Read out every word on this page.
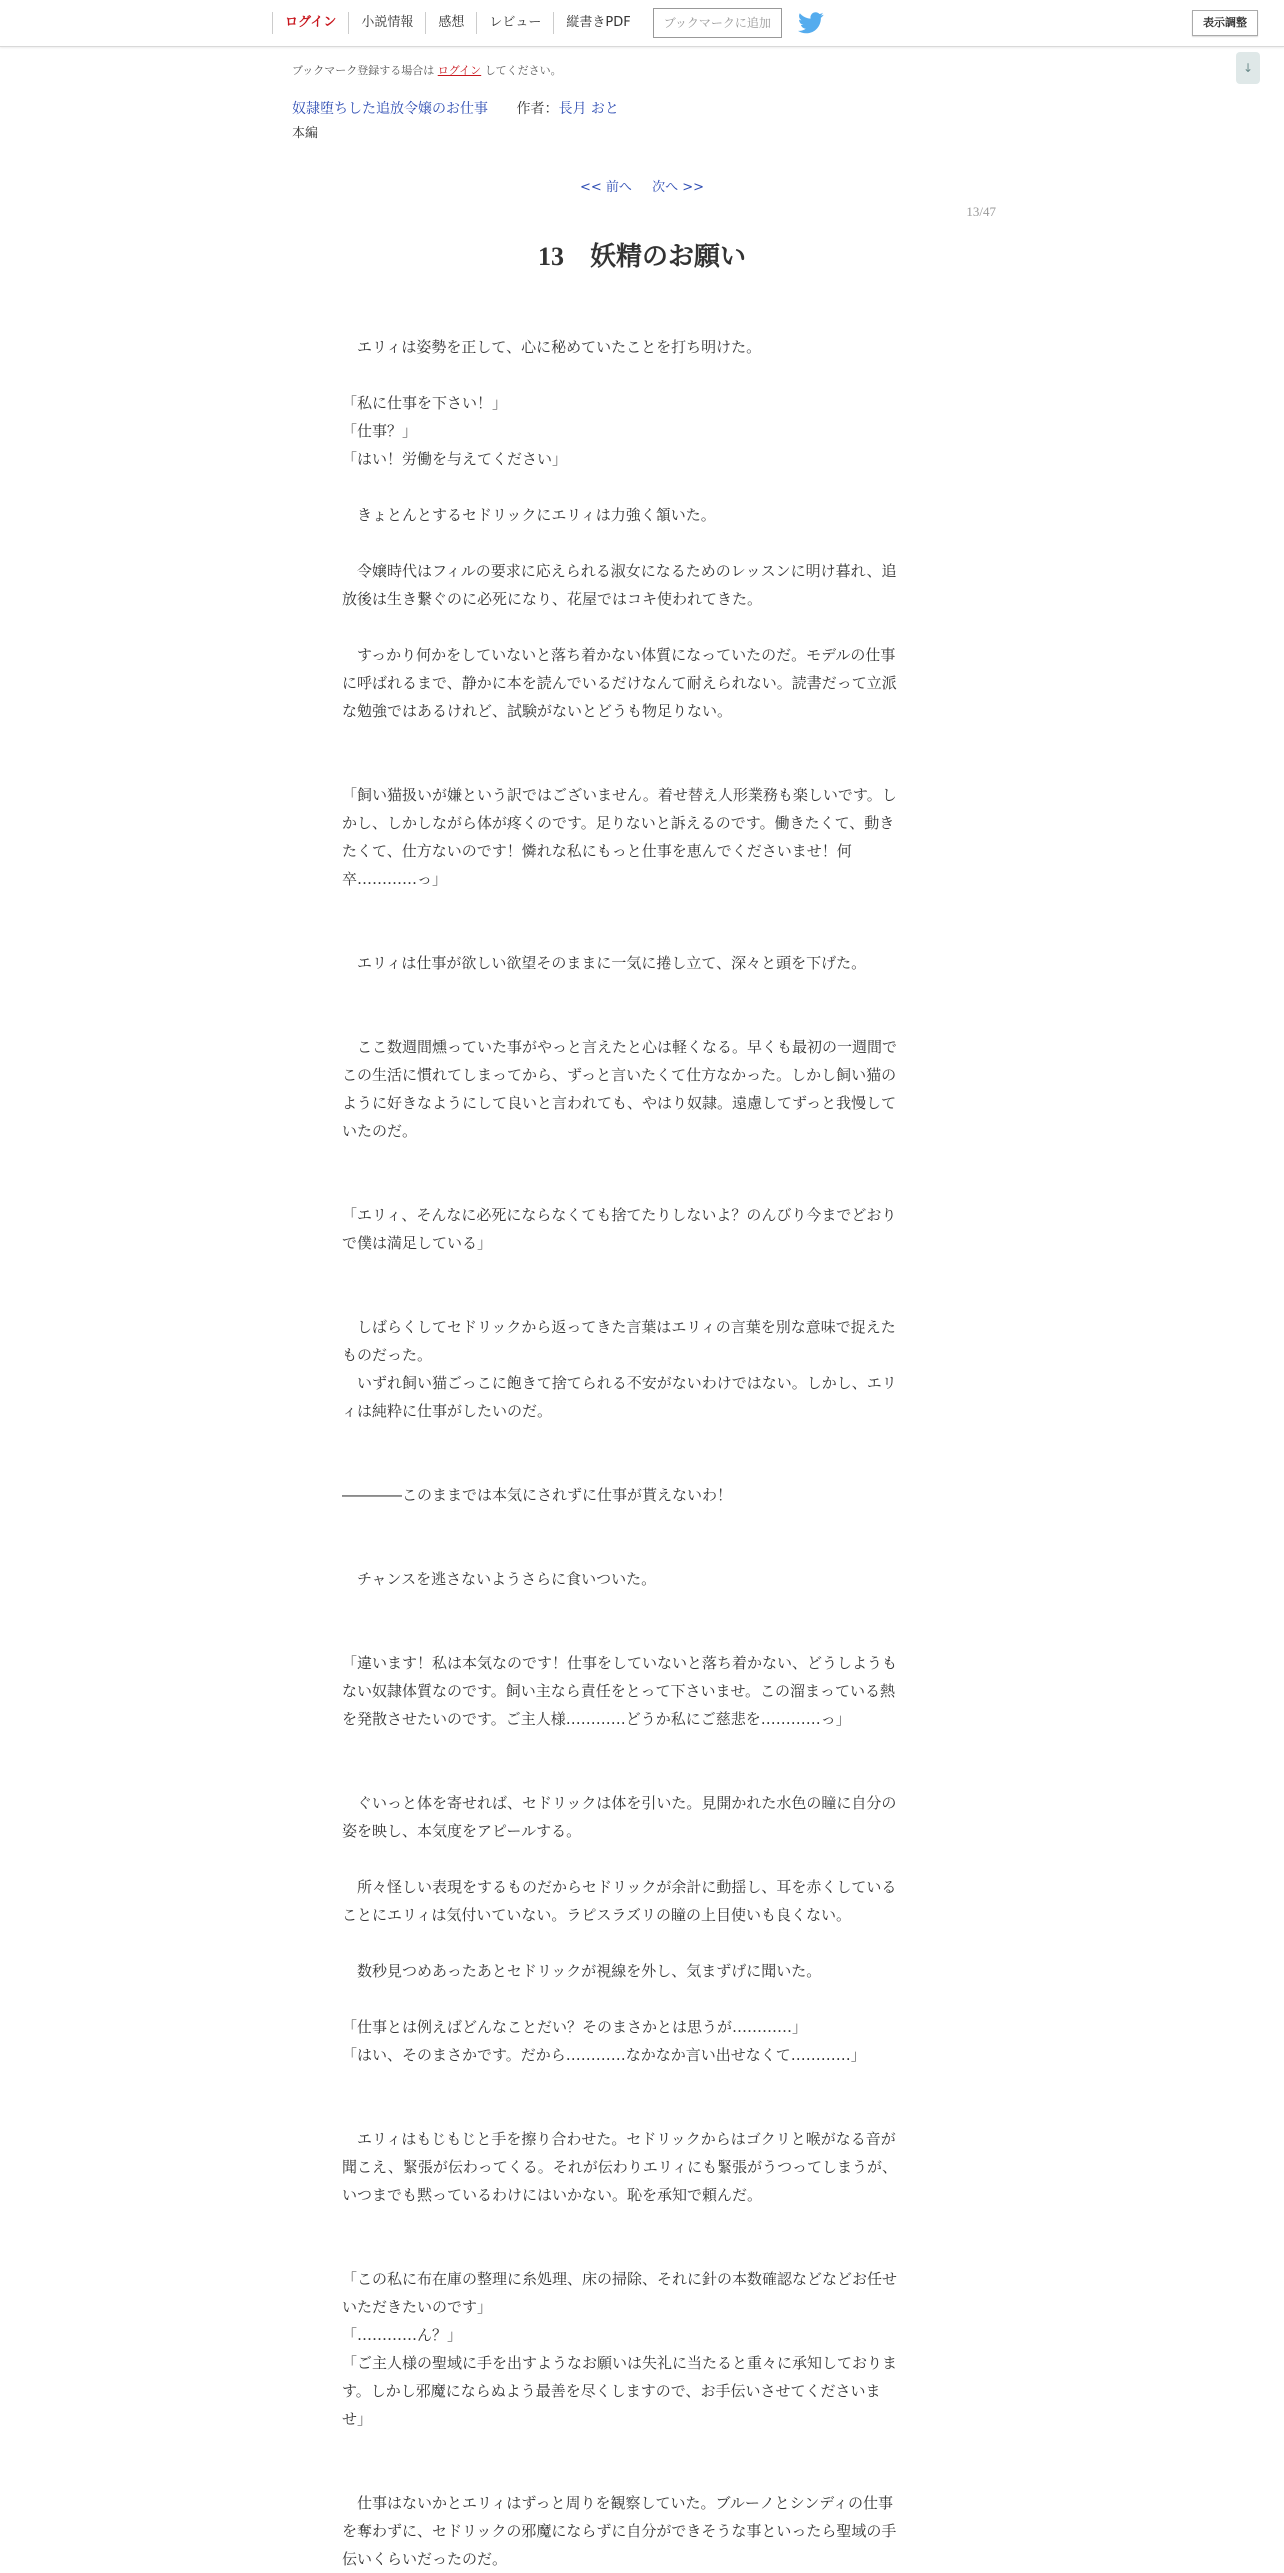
ログイン	小説情報	感想	レビュー	縦書きPDF	ブックマークに追加	表示調整
↓
ブックマーク登録する場合は ログイン してください。
奴隷堕ちした追放令嬢のお仕事 作者：長月 おと
本編
<< 前へ 次へ >>
13/47
13　妖精のお願い

　エリィは姿勢を正して、心に秘めていたことを打ち明けた。

「私に仕事を下さい！」

「仕事？」

「はい！労働を与えてください」

　きょとんとするセドリックにエリィは力強く頷いた。

　令嬢時代はフィルの要求に応えられる淑女になるためのレッスンに明け暮れ、追

放後は生き繋ぐのに必死になり、花屋ではコキ使われてきた。

　すっかり何かをしていないと落ち着かない体質になっていたのだ。モデルの仕事

に呼ばれるまで、静かに本を読んでいるだけなんて耐えられない。読書だって立派

な勉強ではあるけれど、試験がないとどうも物足りない。

「飼い猫扱いが嫌という訳ではございません。着せ替え人形業務も楽しいです。し

かし、しかしながら体が疼くのです。足りないと訴えるのです。働きたくて、動き

たくて、仕方ないのです！憐れな私にもっと仕事を恵んでくださいませ！何

卒…………っ」

　エリィは仕事が欲しい欲望そのままに一気に捲し立て、深々と頭を下げた。

　ここ数週間燻っていた事がやっと言えたと心は軽くなる。早くも最初の一週間で

この生活に慣れてしまってから、ずっと言いたくて仕方なかった。しかし飼い猫の

ように好きなようにして良いと言われても、やはり奴隷。遠慮してずっと我慢して

いたのだ。

「エリィ、そんなに必死にならなくても捨てたりしないよ？のんびり今までどおり

で僕は満足している」

　しばらくしてセドリックから返ってきた言葉はエリィの言葉を別な意味で捉えた

ものだった。

　いずれ飼い猫ごっこに飽きて捨てられる不安がないわけではない。しかし、エリ

ィは純粋に仕事がしたいのだ。

――――このままでは本気にされずに仕事が貰えないわ！

　チャンスを逃さないようさらに食いついた。

「違います！私は本気なのです！仕事をしていないと落ち着かない、どうしようも

ない奴隷体質なのです。飼い主なら責任をとって下さいませ。この溜まっている熱

を発散させたいのです。ご主人様…………どうか私にご慈悲を…………っ」

　ぐいっと体を寄せれば、セドリックは体を引いた。見開かれた水色の瞳に自分の

姿を映し、本気度をアピールする。

　所々怪しい表現をするものだからセドリックが余計に動揺し、耳を赤くしている

ことにエリィは気付いていない。ラピスラズリの瞳の上目使いも良くない。

　数秒見つめあったあとセドリックが視線を外し、気まずげに聞いた。

「仕事とは例えばどんなことだい？そのまさかとは思うが…………」

「はい、そのまさかです。だから…………なかなか言い出せなくて…………」

　エリィはもじもじと手を擦り合わせた。セドリックからはゴクリと喉がなる音が

聞こえ、緊張が伝わってくる。それが伝わりエリィにも緊張がうつってしまうが、

いつまでも黙っているわけにはいかない。恥を承知で頼んだ。

「この私に布在庫の整理に糸処理、床の掃除、それに針の本数確認などなどお任せ

いただきたいのです」

「…………ん？」

「ご主人様の聖域に手を出すようなお願いは失礼に当たると重々に承知しておりま

す。しかし邪魔にならぬよう最善を尽くしますので、お手伝いさせてくださいま

せ」

　仕事はないかとエリィはずっと周りを観察していた。ブルーノとシンディの仕事

を奪わずに、セドリックの邪魔にならずに自分ができそうな事といったら聖域の手

伝いくらいだったのだ。
